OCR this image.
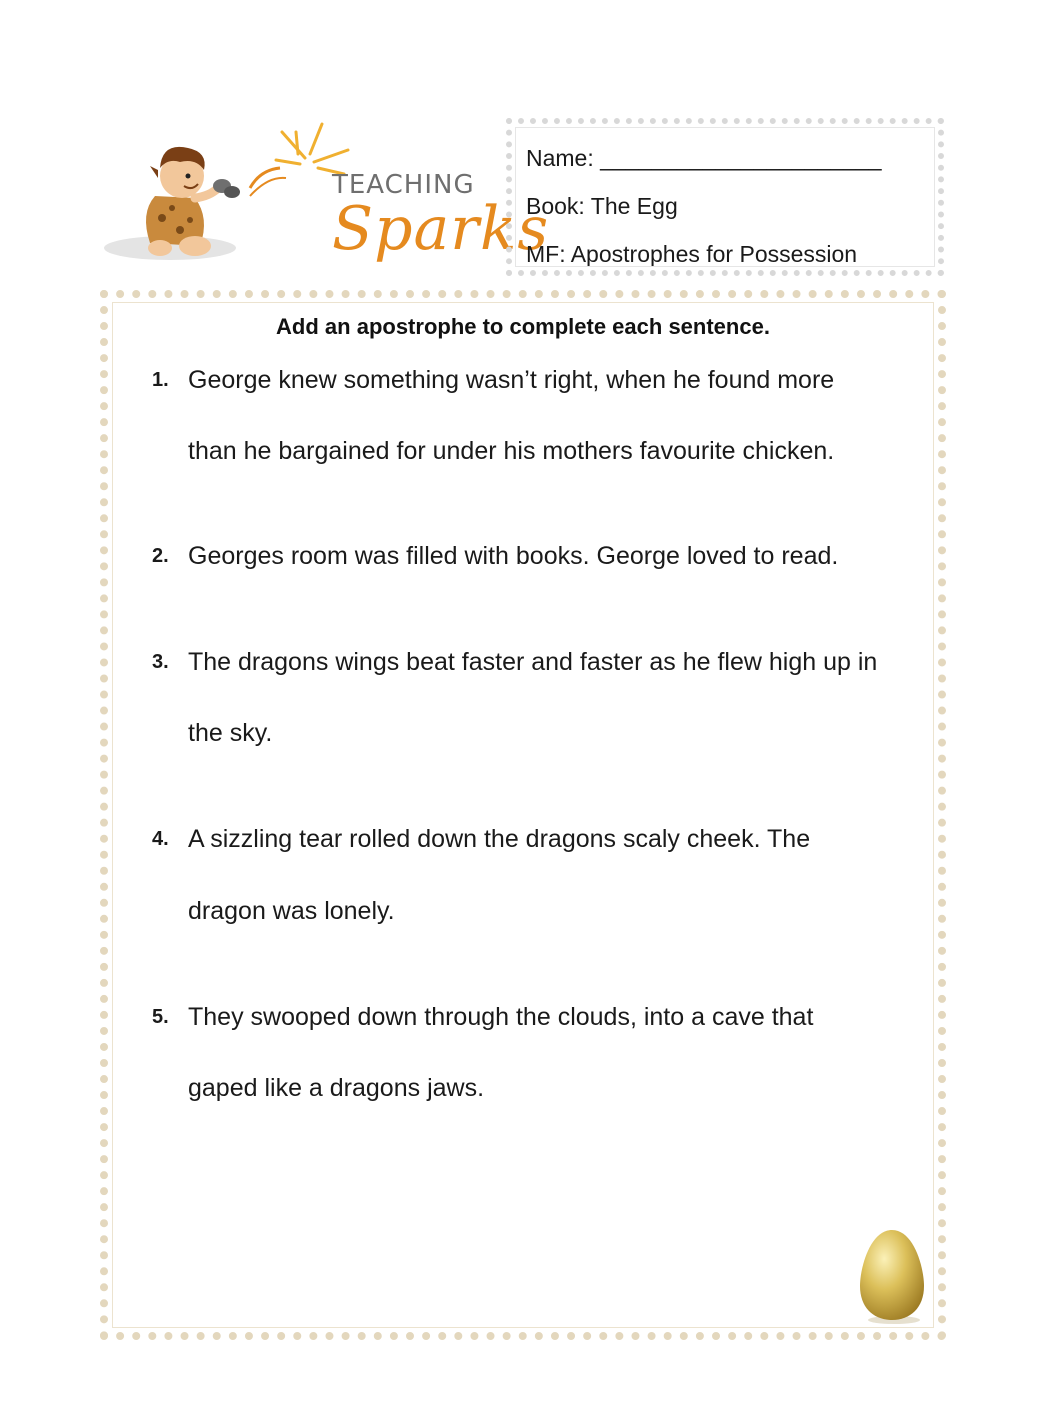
TEACHING
Sparks
Name: ______________________
Book: The Egg
MF: Apostrophes for Possession
Add an apostrophe to complete each sentence.
1. George knew something wasn’t right, when he found more
than he bargained for under his mothers favourite chicken.
2. Georges room was filled with books. George loved to read.
3. The dragons wings beat faster and faster as he flew high up in
the sky.
4. A sizzling tear rolled down the dragons scaly cheek. The
dragon was lonely.
5. They swooped down through the clouds, into a cave that
gaped like a dragons jaws.
